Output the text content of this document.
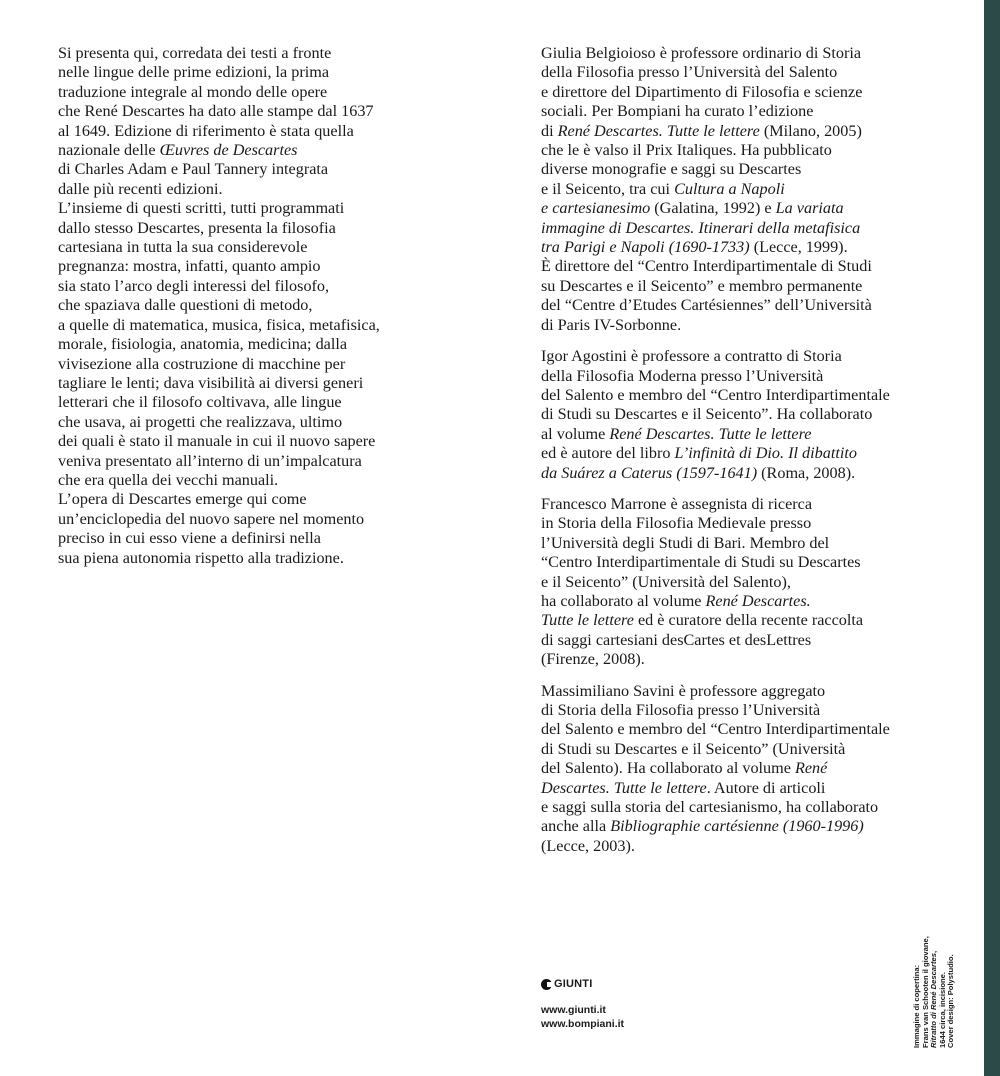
Si presenta qui, corredata dei testi a fronte
nelle lingue delle prime edizioni, la prima
traduzione integrale al mondo delle opere
che René Descartes ha dato alle stampe dal 1637
al 1649. Edizione di riferimento è stata quella
nazionale delle Œuvres de Descartes
di Charles Adam e Paul Tannery integrata
dalle più recenti edizioni.
L’insieme di questi scritti, tutti programmati
dallo stesso Descartes, presenta la filosofia
cartesiana in tutta la sua considerevole
pregnanza: mostra, infatti, quanto ampio
sia stato l’arco degli interessi del filosofo,
che spaziava dalle questioni di metodo,
a quelle di matematica, musica, fisica, metafisica,
morale, fisiologia, anatomia, medicina; dalla
vivisezione alla costruzione di macchine per
tagliare le lenti; dava visibilità ai diversi generi
letterari che il filosofo coltivava, alle lingue
che usava, ai progetti che realizzava, ultimo
dei quali è stato il manuale in cui il nuovo sapere
veniva presentato all’interno di un’impalcatura
che era quella dei vecchi manuali.
L’opera di Descartes emerge qui come
un’enciclopedia del nuovo sapere nel momento
preciso in cui esso viene a definirsi nella
sua piena autonomia rispetto alla tradizione.
Giulia Belgioioso è professore ordinario di Storia
della Filosofia presso l’Università del Salento
e direttore del Dipartimento di Filosofia e scienze
sociali. Per Bompiani ha curato l’edizione
di René Descartes. Tutte le lettere (Milano, 2005)
che le è valso il Prix Italiques. Ha pubblicato
diverse monografie e saggi su Descartes
e il Seicento, tra cui Cultura a Napoli
e cartesianesimo (Galatina, 1992) e La variata
immagine di Descartes. Itinerari della metafisica
tra Parigi e Napoli (1690-1733) (Lecce, 1999).
È direttore del “Centro Interdipartimentale di Studi
su Descartes e il Seicento” e membro permanente
del “Centre d’Etudes Cartésiennes” dell’Università
di Paris IV-Sorbonne.
Igor Agostini è professore a contratto di Storia
della Filosofia Moderna presso l’Università
del Salento e membro del “Centro Interdipartimentale
di Studi su Descartes e il Seicento”. Ha collaborato
al volume René Descartes. Tutte le lettere
ed è autore del libro L’infinità di Dio. Il dibattito
da Suárez a Caterus (1597-1641) (Roma, 2008).
Francesco Marrone è assegnista di ricerca
in Storia della Filosofia Medievale presso
l’Università degli Studi di Bari. Membro del
“Centro Interdipartimentale di Studi su Descartes
e il Seicento” (Università del Salento),
ha collaborato al volume René Descartes.
Tutte le lettere ed è curatore della recente raccolta
di saggi cartesiani desCartes et desLettres
(Firenze, 2008).
Massimiliano Savini è professore aggregato
di Storia della Filosofia presso l’Università
del Salento e membro del “Centro Interdipartimentale
di Studi su Descartes e il Seicento” (Università
del Salento). Ha collaborato al volume René
Descartes. Tutte le lettere. Autore di articoli
e saggi sulla storia del cartesianismo, ha collaborato
anche alla Bibliographie cartésienne (1960-1996)
(Lecce, 2003).
GIUNTI
www.giunti.it
www.bompiani.it	Immagine di copertina: Frans van Schooten il giovane, Ritratto di René Descartes,
1644 circa, incisione. Cover design: Polystudio.
